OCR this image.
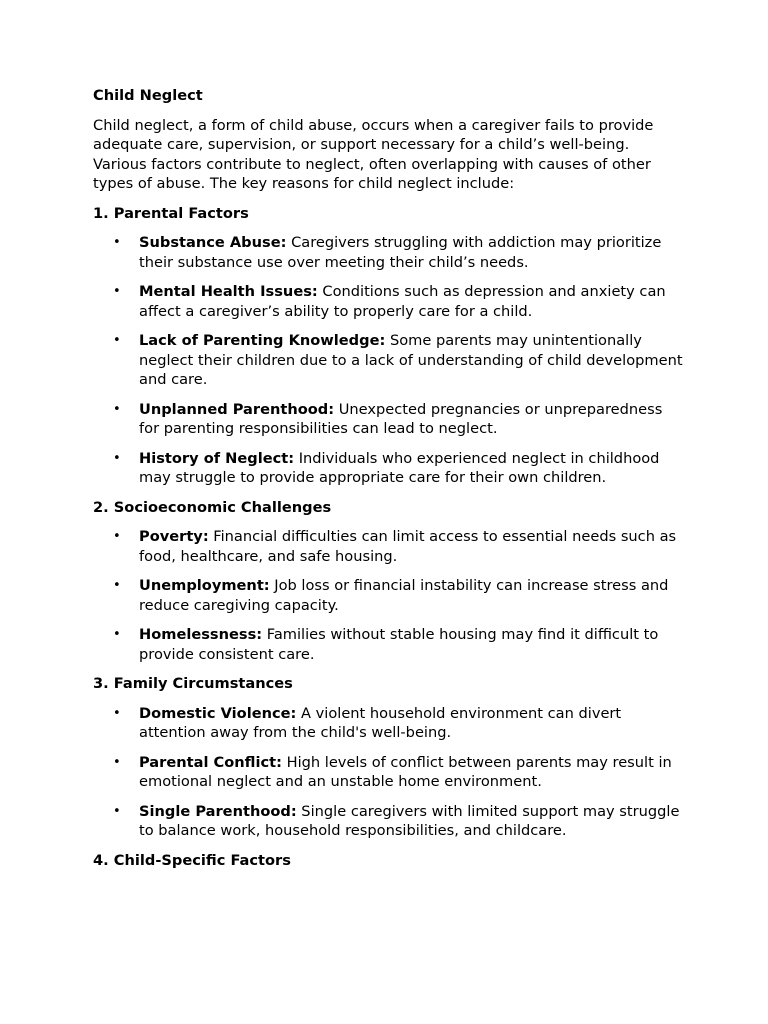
Child Neglect
Child neglect, a form of child abuse, occurs when a caregiver fails to provide adequate care, supervision, or support necessary for a child’s well-being. Various factors contribute to neglect, often overlapping with causes of other types of abuse. The key reasons for child neglect include:
1. Parental Factors
• Substance Abuse: Caregivers struggling with addiction may prioritize their substance use over meeting their child’s needs.
• Mental Health Issues: Conditions such as depression and anxiety can affect a caregiver’s ability to properly care for a child.
• Lack of Parenting Knowledge: Some parents may unintentionally neglect their children due to a lack of understanding of child development and care.
• Unplanned Parenthood: Unexpected pregnancies or unpreparedness for parenting responsibilities can lead to neglect.
• History of Neglect: Individuals who experienced neglect in childhood may struggle to provide appropriate care for their own children.
2. Socioeconomic Challenges
• Poverty: Financial difficulties can limit access to essential needs such as food, healthcare, and safe housing.
• Unemployment: Job loss or financial instability can increase stress and reduce caregiving capacity.
• Homelessness: Families without stable housing may find it difficult to provide consistent care.
3. Family Circumstances
• Domestic Violence: A violent household environment can divert attention away from the child's well-being.
• Parental Conflict: High levels of conflict between parents may result in emotional neglect and an unstable home environment.
• Single Parenthood: Single caregivers with limited support may struggle to balance work, household responsibilities, and childcare.
4. Child-Specific Factors
